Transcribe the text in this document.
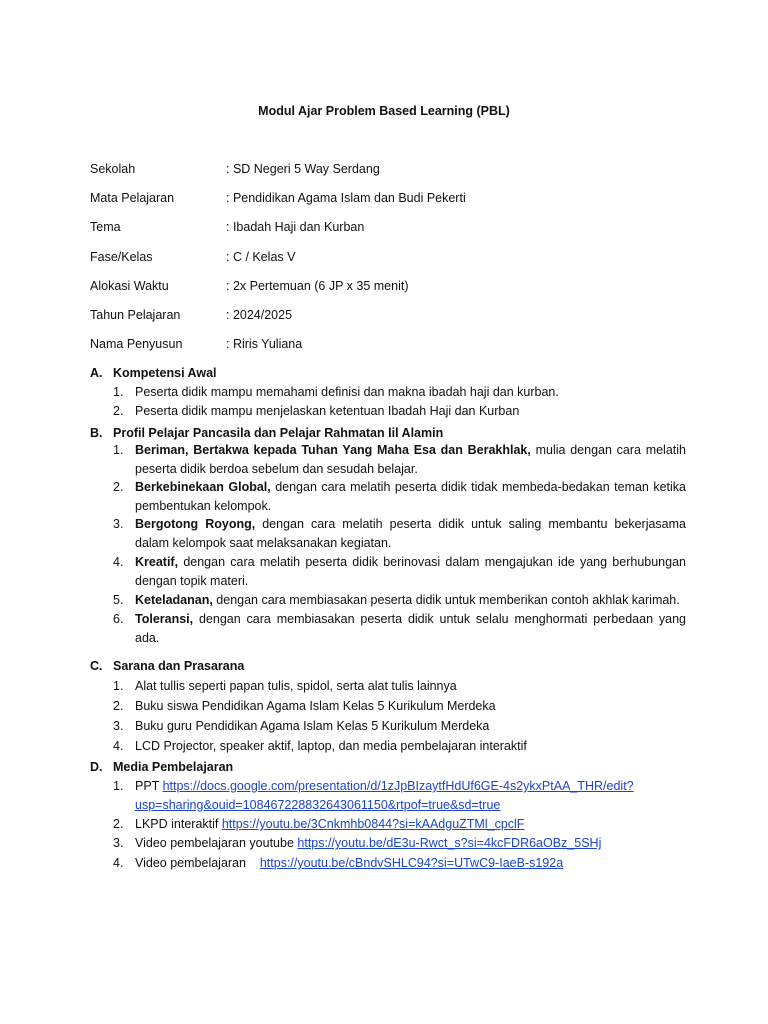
Modul Ajar Problem Based Learning (PBL)
Sekolah	: SD Negeri 5 Way Serdang
Mata Pelajaran	: Pendidikan Agama Islam dan Budi Pekerti
Tema	: Ibadah Haji dan Kurban
Fase/Kelas	: C / Kelas V
Alokasi Waktu	: 2x Pertemuan (6 JP x 35 menit)
Tahun Pelajaran	: 2024/2025
Nama Penyusun	: Riris Yuliana
A. Kompetensi Awal
1. Peserta didik mampu memahami definisi dan makna ibadah haji dan kurban.
2. Peserta didik mampu menjelaskan ketentuan Ibadah Haji dan Kurban
B. Profil Pelajar Pancasila dan Pelajar Rahmatan lil Alamin
1. Beriman, Bertakwa kepada Tuhan Yang Maha Esa dan Berakhlak, mulia dengan cara melatih peserta didik berdoa sebelum dan sesudah belajar.
2. Berkebinekaan Global, dengan cara melatih peserta didik tidak membeda-bedakan teman ketika pembentukan kelompok.
3. Bergotong Royong, dengan cara melatih peserta didik untuk saling membantu bekerjasama dalam kelompok saat melaksanakan kegiatan.
4. Kreatif, dengan cara melatih peserta didik berinovasi dalam mengajukan ide yang berhubungan dengan topik materi.
5. Keteladanan, dengan cara membiasakan peserta didik untuk memberikan contoh akhlak karimah.
6. Toleransi, dengan cara membiasakan peserta didik untuk selalu menghormati perbedaan yang ada.
C. Sarana dan Prasarana
1. Alat tullis seperti papan tulis, spidol, serta alat tulis lainnya
2. Buku siswa Pendidikan Agama Islam Kelas 5 Kurikulum Merdeka
3. Buku guru Pendidikan Agama Islam Kelas 5 Kurikulum Merdeka
4. LCD Projector, speaker aktif, laptop, dan media pembelajaran interaktif
D. Media Pembelajaran
1. PPT https://docs.google.com/presentation/d/1zJpBIzaytfHdUf6GE-4s2ykxPtAA_THR/edit?
usp=sharing&ouid=108467228832643061150&rtpof=true&sd=true
2. LKPD interaktif https://youtu.be/3Cnkmhb0844?si=kAAdguZTMl_cpclF
3. Video pembelajaran youtube https://youtu.be/dE3u-Rwct_s?si=4kcFDR6aOBz_5SHj
4. Video pembelajaran    https://youtu.be/cBndvSHLC94?si=UTwC9-IaeB-s192a
